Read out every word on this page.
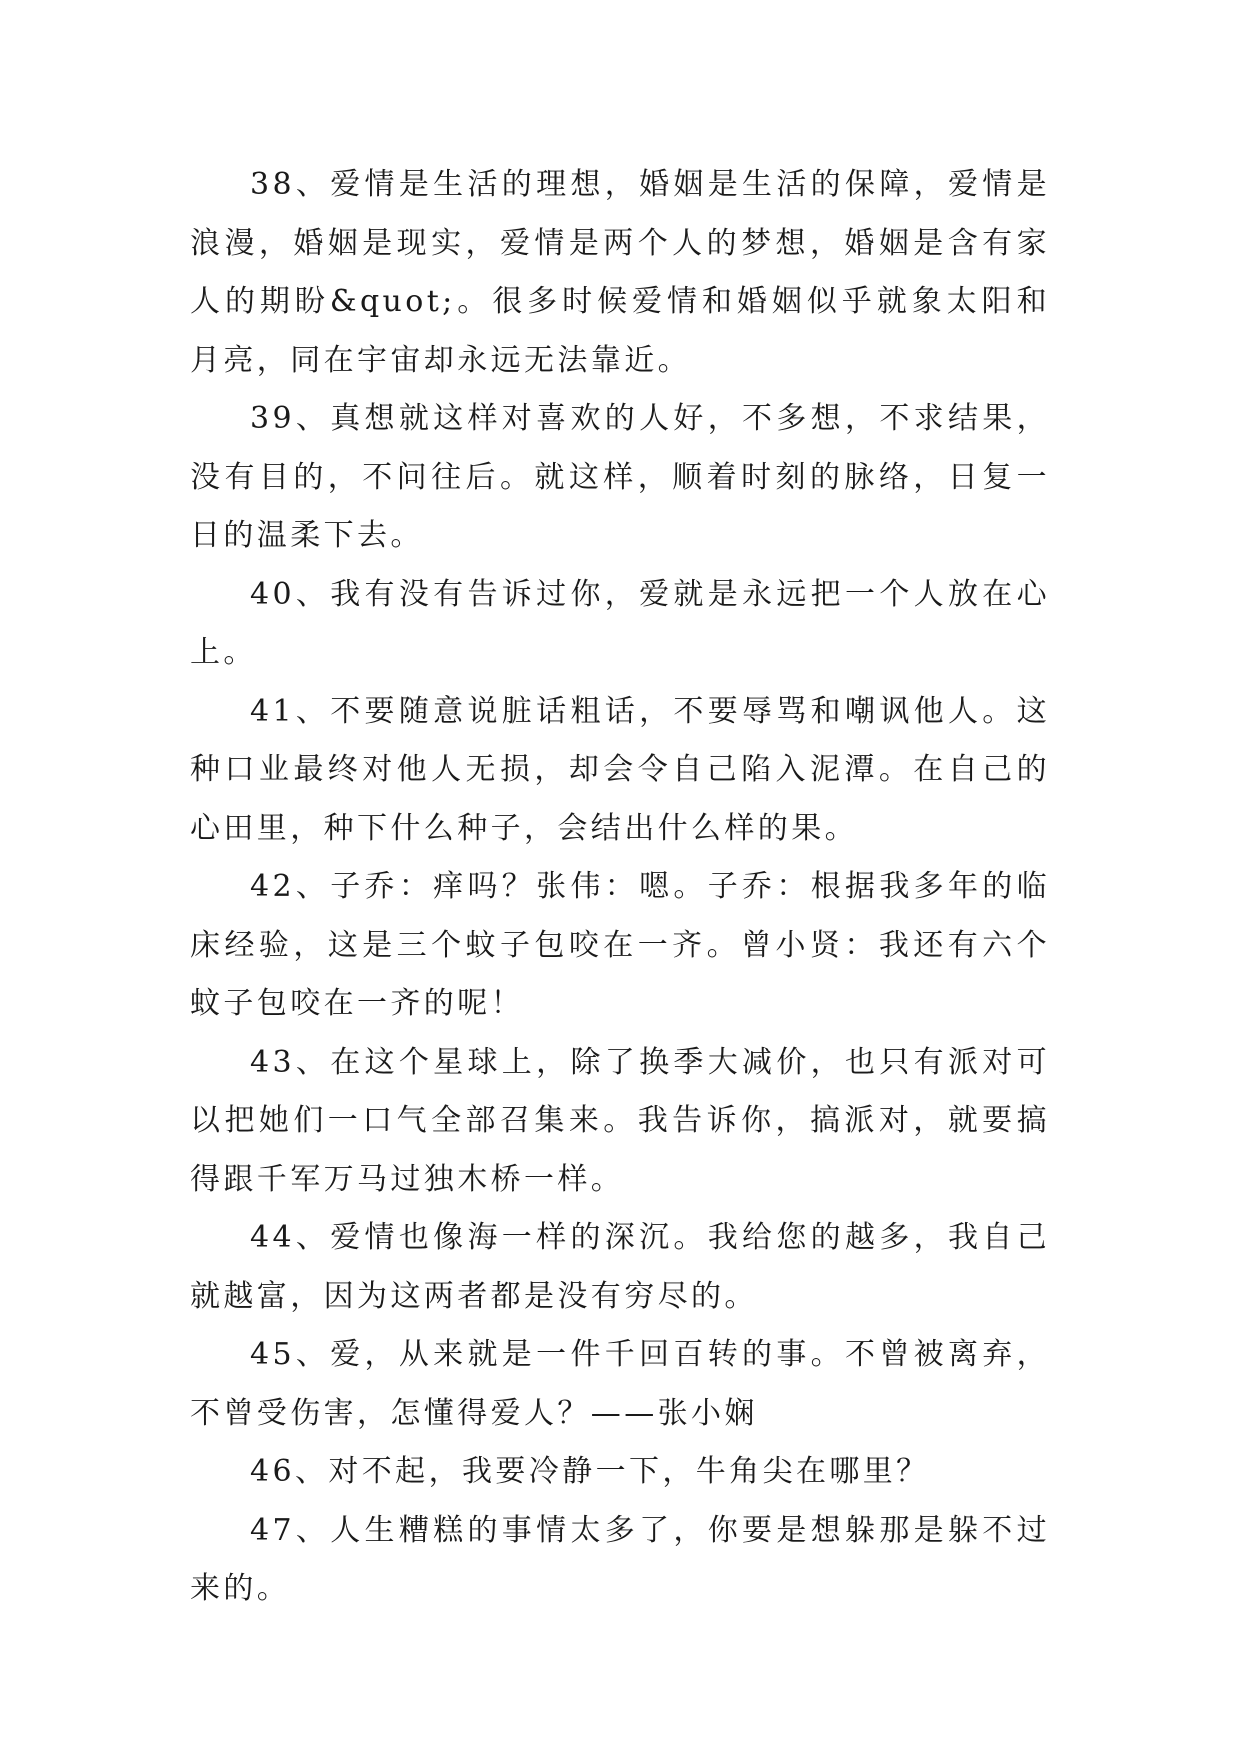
38、爱情是生活的理想，婚姻是生活的保障，爱情是浪漫，婚姻是现实，爱情是两个人的梦想，婚姻是含有家人的期盼&quot;。很多时候爱情和婚姻似乎就象太阳和月亮，同在宇宙却永远无法靠近。

39、真想就这样对喜欢的人好，不多想，不求结果，没有目的，不问往后。就这样，顺着时刻的脉络，日复一日的温柔下去。

40、我有没有告诉过你，爱就是永远把一个人放在心上。

41、不要随意说脏话粗话，不要辱骂和嘲讽他人。这种口业最终对他人无损，却会令自己陷入泥潭。在自己的心田里，种下什么种子，会结出什么样的果。

42、子乔：痒吗？张伟：嗯。子乔：根据我多年的临床经验，这是三个蚊子包咬在一齐。曾小贤：我还有六个蚊子包咬在一齐的呢！

43、在这个星球上，除了换季大减价，也只有派对可以把她们一口气全部召集来。我告诉你，搞派对，就要搞得跟千军万马过独木桥一样。

44、爱情也像海一样的深沉。我给您的越多，我自己就越富，因为这两者都是没有穷尽的。

45、爱，从来就是一件千回百转的事。不曾被离弃，不曾受伤害，怎懂得爱人？——张小娴

46、对不起，我要冷静一下，牛角尖在哪里？

47、人生糟糕的事情太多了，你要是想躲那是躲不过来的。
